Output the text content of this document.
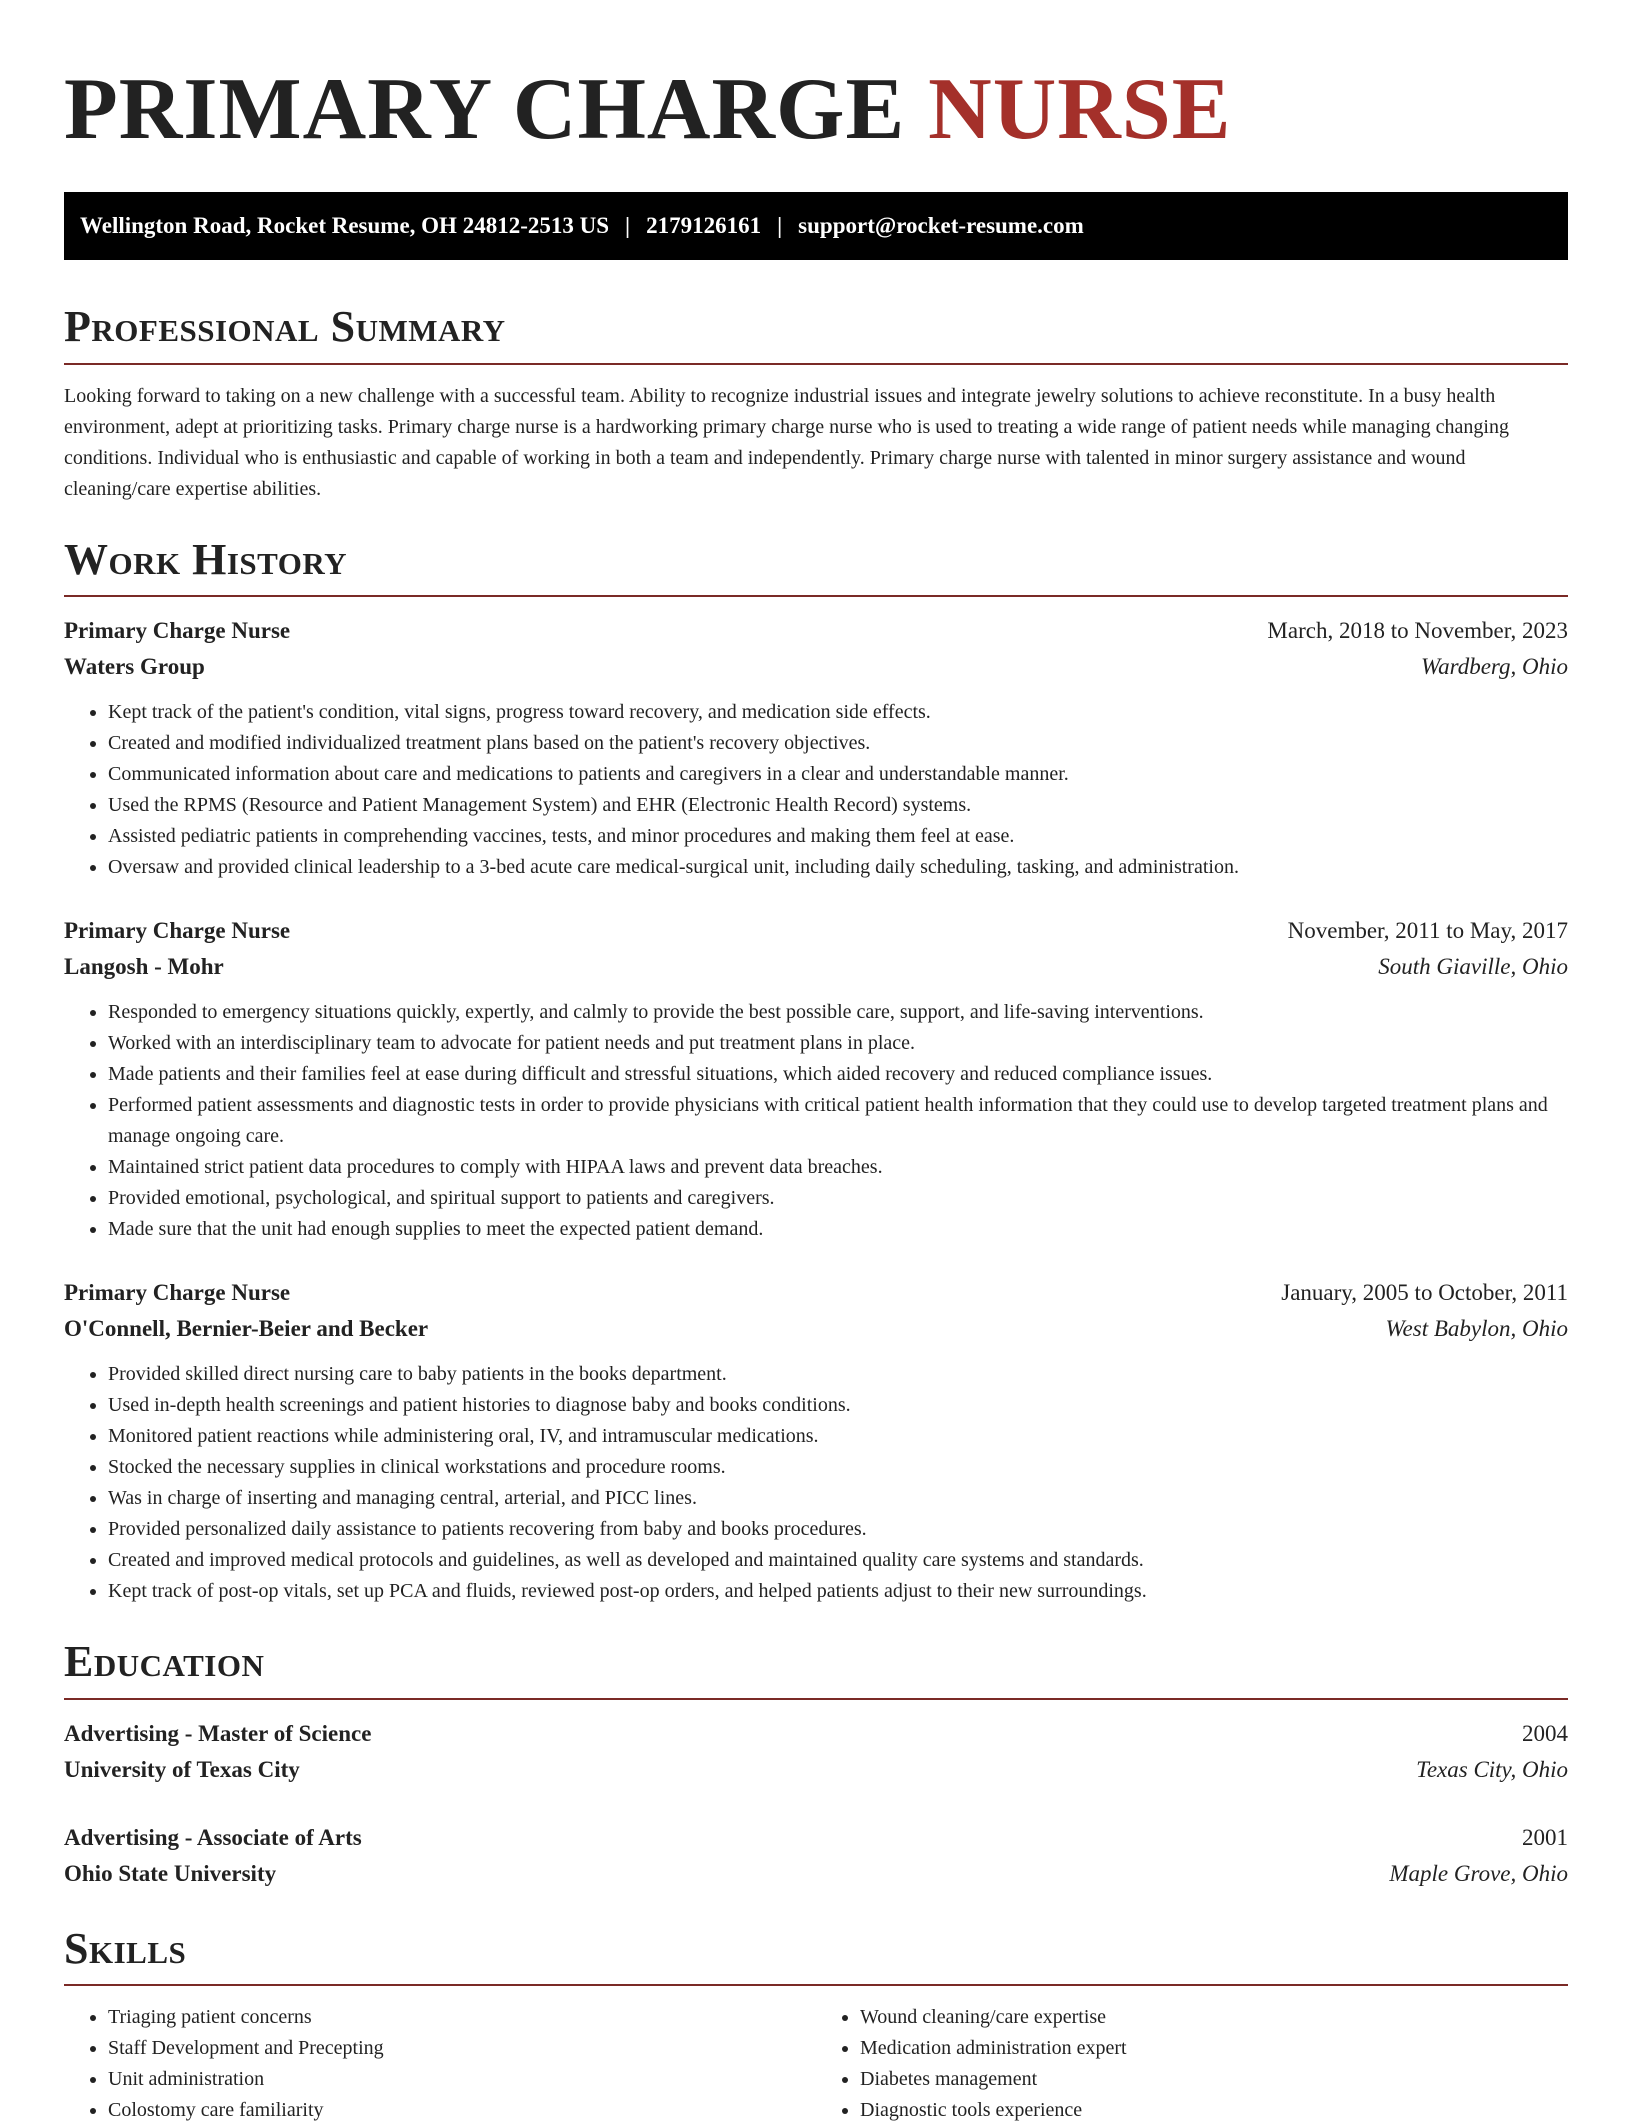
PRIMARY CHARGE NURSE
Wellington Road, Rocket Resume, OH 24812-2513 US | 2179126161 | support@rocket-resume.com
Professional Summary

Looking forward to taking on a new challenge with a successful team. Ability to recognize industrial issues and integrate jewelry solutions to achieve reconstitute. In a busy health environment, adept at prioritizing tasks. Primary charge nurse is a hardworking primary charge nurse who is used to treating a wide range of patient needs while managing changing conditions. Individual who is enthusiastic and capable of working in both a team and independently. Primary charge nurse with talented in minor surgery assistance and wound cleaning/care expertise abilities.

Work History
Primary Charge Nurse	March, 2018 to November, 2023
Waters Group	Wardberg, Ohio
• Kept track of the patient's condition, vital signs, progress toward recovery, and medication side effects.
• Created and modified individualized treatment plans based on the patient's recovery objectives.
• Communicated information about care and medications to patients and caregivers in a clear and understandable manner.
• Used the RPMS (Resource and Patient Management System) and EHR (Electronic Health Record) systems.
• Assisted pediatric patients in comprehending vaccines, tests, and minor procedures and making them feel at ease.
• Oversaw and provided clinical leadership to a 3-bed acute care medical-surgical unit, including daily scheduling, tasking, and administration.
Primary Charge Nurse	November, 2011 to May, 2017
Langosh - Mohr	South Giaville, Ohio
• Responded to emergency situations quickly, expertly, and calmly to provide the best possible care, support, and life-saving interventions.
• Worked with an interdisciplinary team to advocate for patient needs and put treatment plans in place.
• Made patients and their families feel at ease during difficult and stressful situations, which aided recovery and reduced compliance issues.
• Performed patient assessments and diagnostic tests in order to provide physicians with critical patient health information that they could use to develop targeted treatment plans and manage ongoing care.
• Maintained strict patient data procedures to comply with HIPAA laws and prevent data breaches.
• Provided emotional, psychological, and spiritual support to patients and caregivers.
• Made sure that the unit had enough supplies to meet the expected patient demand.
Primary Charge Nurse	January, 2005 to October, 2011
O'Connell, Bernier-Beier and Becker	West Babylon, Ohio
• Provided skilled direct nursing care to baby patients in the books department.
• Used in-depth health screenings and patient histories to diagnose baby and books conditions.
• Monitored patient reactions while administering oral, IV, and intramuscular medications.
• Stocked the necessary supplies in clinical workstations and procedure rooms.
• Was in charge of inserting and managing central, arterial, and PICC lines.
• Provided personalized daily assistance to patients recovering from baby and books procedures.
• Created and improved medical protocols and guidelines, as well as developed and maintained quality care systems and standards.
• Kept track of post-op vitals, set up PCA and fluids, reviewed post-op orders, and helped patients adjust to their new surroundings.
Education
Advertising - Master of Science	2004
University of Texas City	Texas City, Ohio
Advertising - Associate of Arts	2001
Ohio State University	Maple Grove, Ohio
Skills
• Triaging patient concerns
• Staff Development and Precepting
• Unit administration
• Colostomy care familiarity
• Wound cleaning/care expertise
• Medication administration expert
• Diabetes management
• Diagnostic tools experience
